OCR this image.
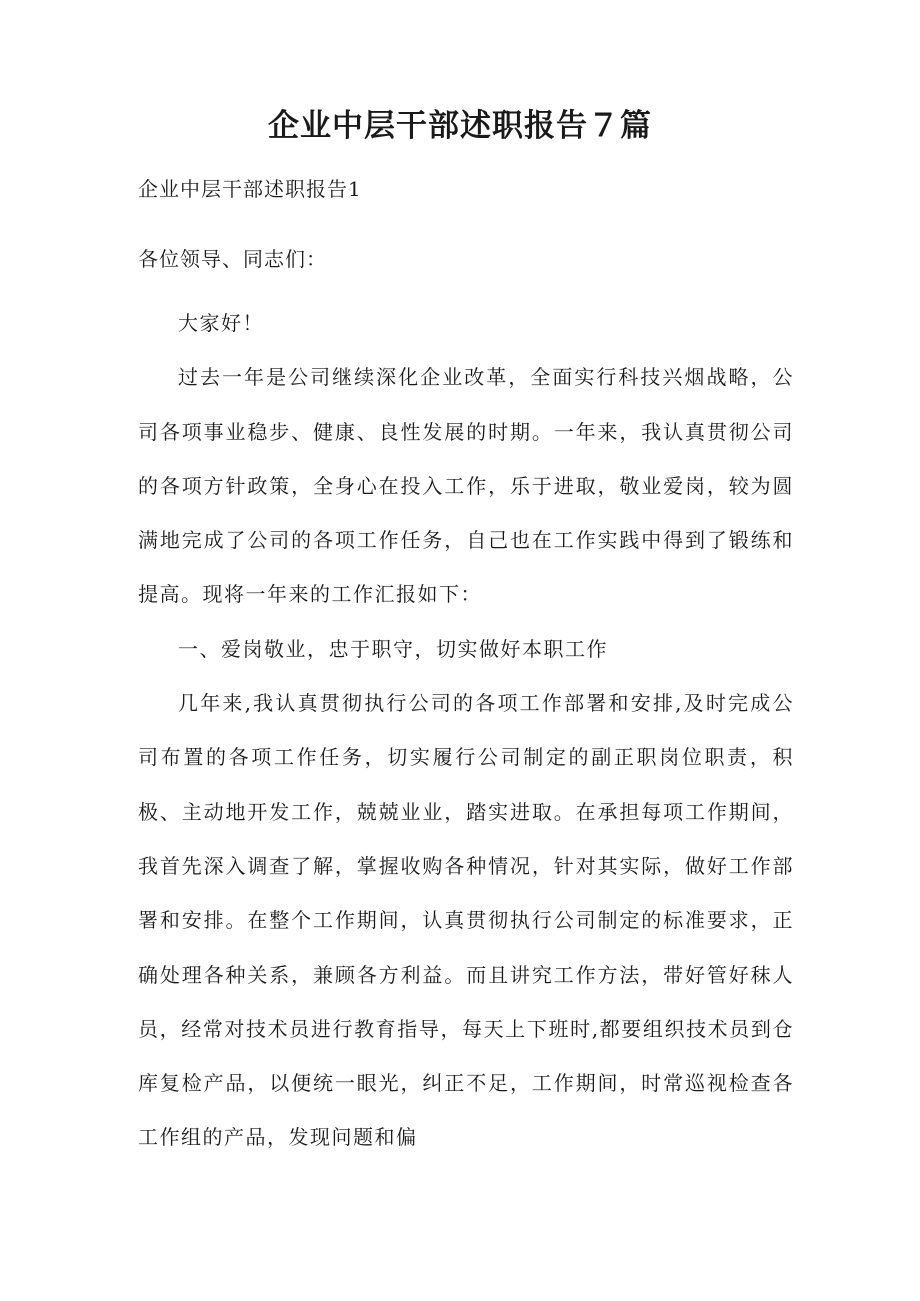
企业中层干部述职报告７篇
企业中层干部述职报告1
各位领导、同志们：

大家好！

过去一年是公司继续深化企业改革，全面实行科技兴烟战略，公司各项事业稳步、健康、良性发展的时期。一年来，我认真贯彻公司的各项方针政策，全身心在投入工作，乐于进取，敬业爱岗，较为圆满地完成了公司的各项工作任务，自己也在工作实践中得到了锻练和提高。现将一年来的工作汇报如下：

一、爱岗敬业，忠于职守，切实做好本职工作

几年来,我认真贯彻执行公司的各项工作部署和安排,及时完成公司布置的各项工作任务，切实履行公司制定的副正职岗位职责，积极、主动地开发工作，兢兢业业，踏实进取。在承担每项工作期间，我首先深入调查了解，掌握收购各种情况，针对其实际，做好工作部署和安排。在整个工作期间，认真贯彻执行公司制定的标准要求，正确处理各种关系，兼顾各方利益。而且讲究工作方法，带好管好秣人员，经常对技术员进行教育指导，每天上下班时,都要组织技术员到仓库复检产品，以便统一眼光，纠正不足，工作期间，时常巡视检查各工作组的产品，发现问题和偏
